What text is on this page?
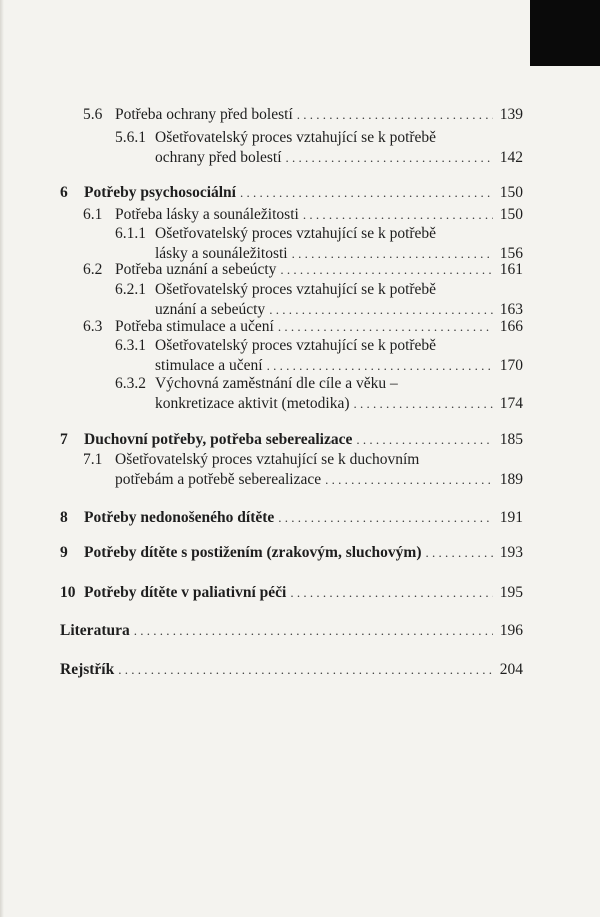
5.6 Potřeba ochrany před bolestí . . .	139
5.6.1 Ošetřovatelský proces vztahující se k potřebě
ochrany před bolestí . . .	142
6	Potřeby psychosociální . . .	150
6.1 Potřeba lásky a sounáležitosti . . .	150
6.1.1 Ošetřovatelský proces vztahující se k potřebě
lásky a sounáležitosti . . .	156
6.2 Potřeba uznání a sebeúcty . . .	161
6.2.1 Ošetřovatelský proces vztahující se k potřebě
uznání a sebeúcty . . .	163
6.3 Potřeba stimulace a učení . . .	166
6.3.1 Ošetřovatelský proces vztahující se k potřebě
stimulace a učení . . .	170
6.3.2 Výchovná zaměstnání dle cíle a věku –
konkretizace aktivit (metodika) . . .	174
7	Duchovní potřeby, potřeba seberealizace . . .	185
7.1 Ošetřovatelský proces vztahující se k duchovním
potřebám a potřebě seberealizace . . .	189
8	Potřeby nedonošeného dítěte . . .	191
9	Potřeby dítěte s postižením (zrakovým, sluchovým) . . .	193
10 Potřeby dítěte v paliativní péči . . .	195
Literatura . . .	196
Rejstřík . . .	204
